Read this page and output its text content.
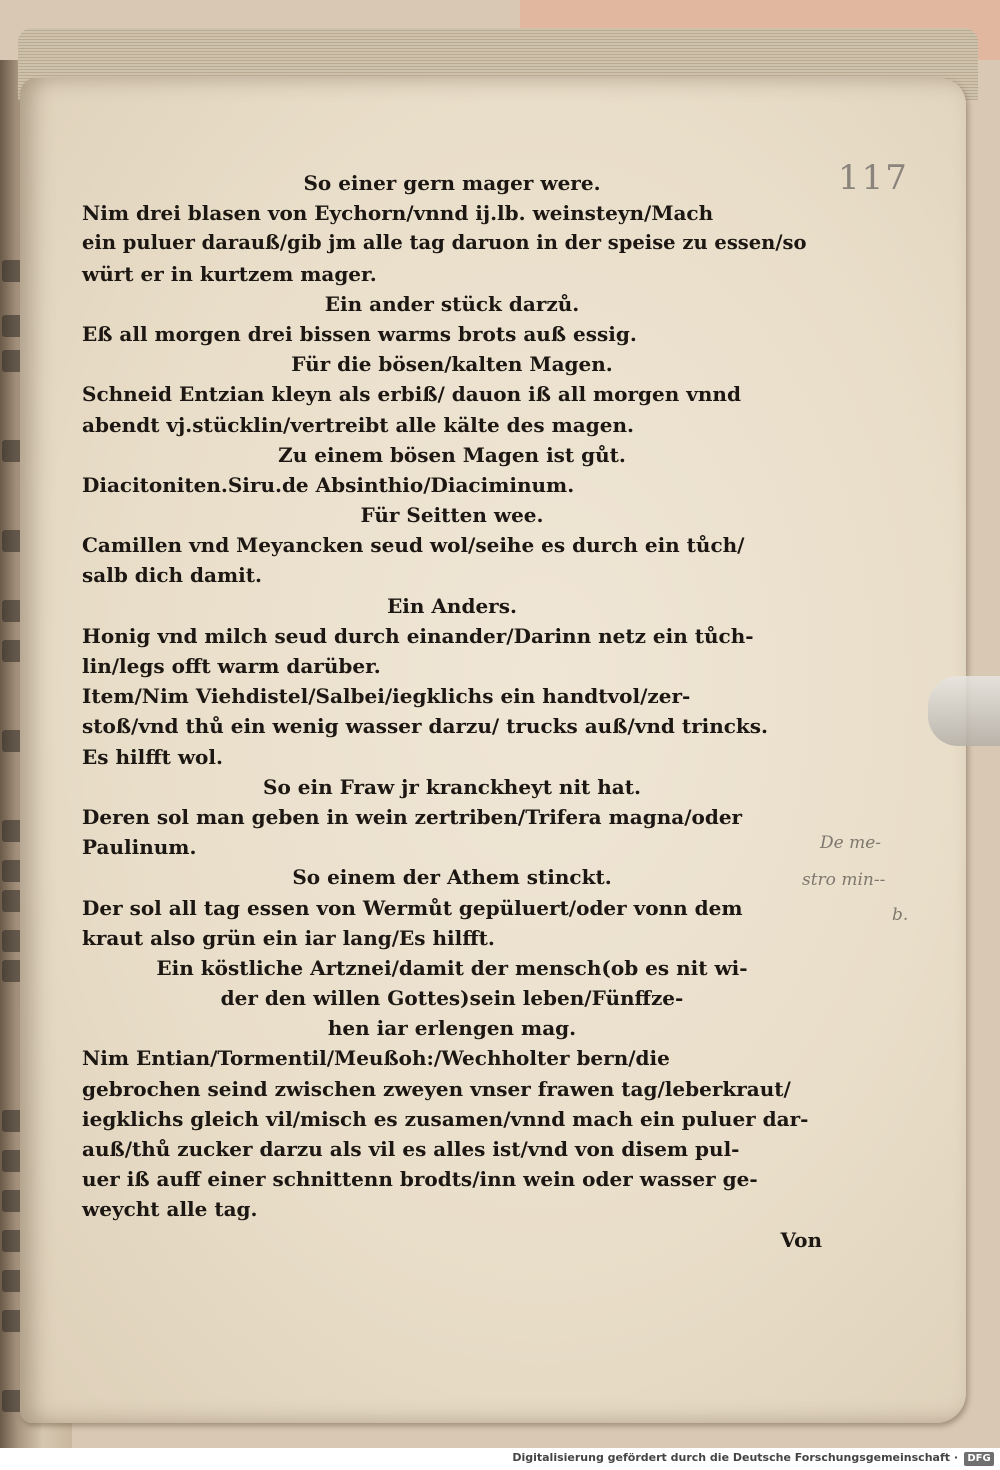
117
De me-
stro min--
b.
So einer gern mager were.
Nim drei blasen von Eychorn/vnnd ij.lb. weinsteyn/Mach
ein puluer darauß/gib jm alle tag daruon in der speise zu essen/so
würt er in kurtzem mager.
Ein ander stück darzů.
Eß all morgen drei bissen warms brots auß essig.
Für die bösen/kalten Magen.
Schneid Entzian kleyn als erbiß/ dauon iß all morgen vnnd
abendt vj.stücklin/vertreibt alle kälte des magen.
Zu einem bösen Magen ist gůt.
Diacitoniten.Siru.de Absinthio/Diaciminum.
Für Seitten wee.
Camillen vnd Meyancken seud wol/seihe es durch ein tůch/
salb dich damit.
Ein Anders.
Honig vnd milch seud durch einander/Darinn netz ein tůch-
lin/legs offt warm darüber.
Item/Nim Viehdistel/Salbei/iegklichs ein handtvol/zer-
stoß/vnd thů ein wenig wasser darzu/ trucks auß/vnd trincks.
Es hilfft wol.
So ein Fraw jr kranckheyt nit hat.
Deren sol man geben in wein zertriben/Trifera magna/oder
Paulinum.
So einem der Athem stinckt.
Der sol all tag essen von Wermůt gepüluert/oder vonn dem
kraut also grün ein iar lang/Es hilfft.
Ein köstliche Artznei/damit der mensch(ob es nit wi-
der den willen Gottes)sein leben/Fünffze-
hen iar erlengen mag.
Nim Entian/Tormentil/Meußoh:/Wechholter bern/die
gebrochen seind zwischen zweyen vnser frawen tag/leberkraut/
iegklichs gleich vil/misch es zusamen/vnnd mach ein puluer dar-
auß/thů zucker darzu als vil es alles ist/vnd von disem pul-
uer iß auff einer schnittenn brodts/inn wein oder wasser ge-
weycht alle tag.
Von
Digitalisierung gefördert durch die Deutsche Forschungsgemeinschaft · DFG
